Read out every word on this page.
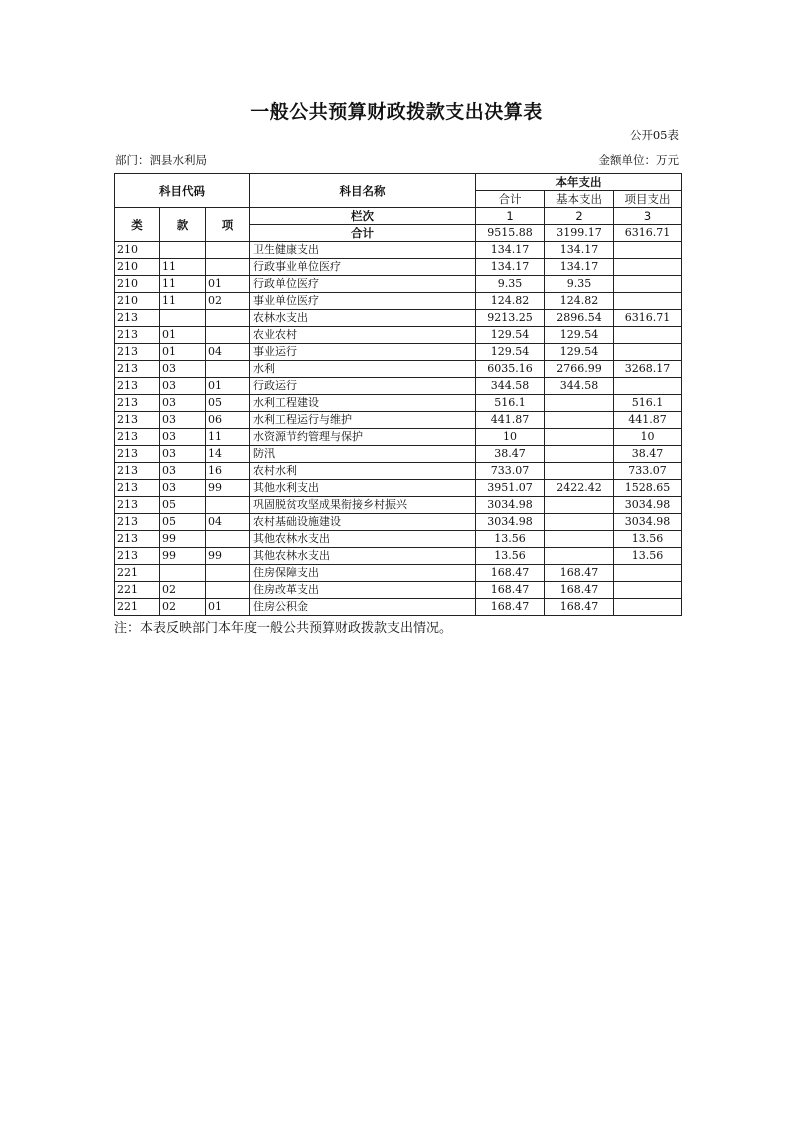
一般公共预算财政拨款支出决算表
公开05表
部门：泗县水利局	金额单位：万元
科目代码			科目名称	本年支出		
				合计	基本支出	项目支出
类	款	项	栏次	1	2	3
			合计	9515.88	3199.17	6316.71
210			卫生健康支出	134.17	134.17	
210	11		行政事业单位医疗	134.17	134.17	
210	11	01	行政单位医疗	9.35	9.35	
210	11	02	事业单位医疗	124.82	124.82	
213			农林水支出	9213.25	2896.54	6316.71
213	01		农业农村	129.54	129.54	
213	01	04	事业运行	129.54	129.54	
213	03		水利	6035.16	2766.99	3268.17
213	03	01	行政运行	344.58	344.58	
213	03	05	水利工程建设	516.1		516.1
213	03	06	水利工程运行与维护	441.87		441.87
213	03	11	水资源节约管理与保护	10		10
213	03	14	防汛	38.47		38.47
213	03	16	农村水利	733.07		733.07
213	03	99	其他水利支出	3951.07	2422.42	1528.65
213	05		巩固脱贫攻坚成果衔接乡村振兴	3034.98		3034.98
213	05	04	农村基础设施建设	3034.98		3034.98
213	99		其他农林水支出	13.56		13.56
213	99	99	其他农林水支出	13.56		13.56
221			住房保障支出	168.47	168.47	
221	02		住房改革支出	168.47	168.47	
221	02	01	住房公积金	168.47	168.47	
注：本表反映部门本年度一般公共预算财政拨款支出情况。
